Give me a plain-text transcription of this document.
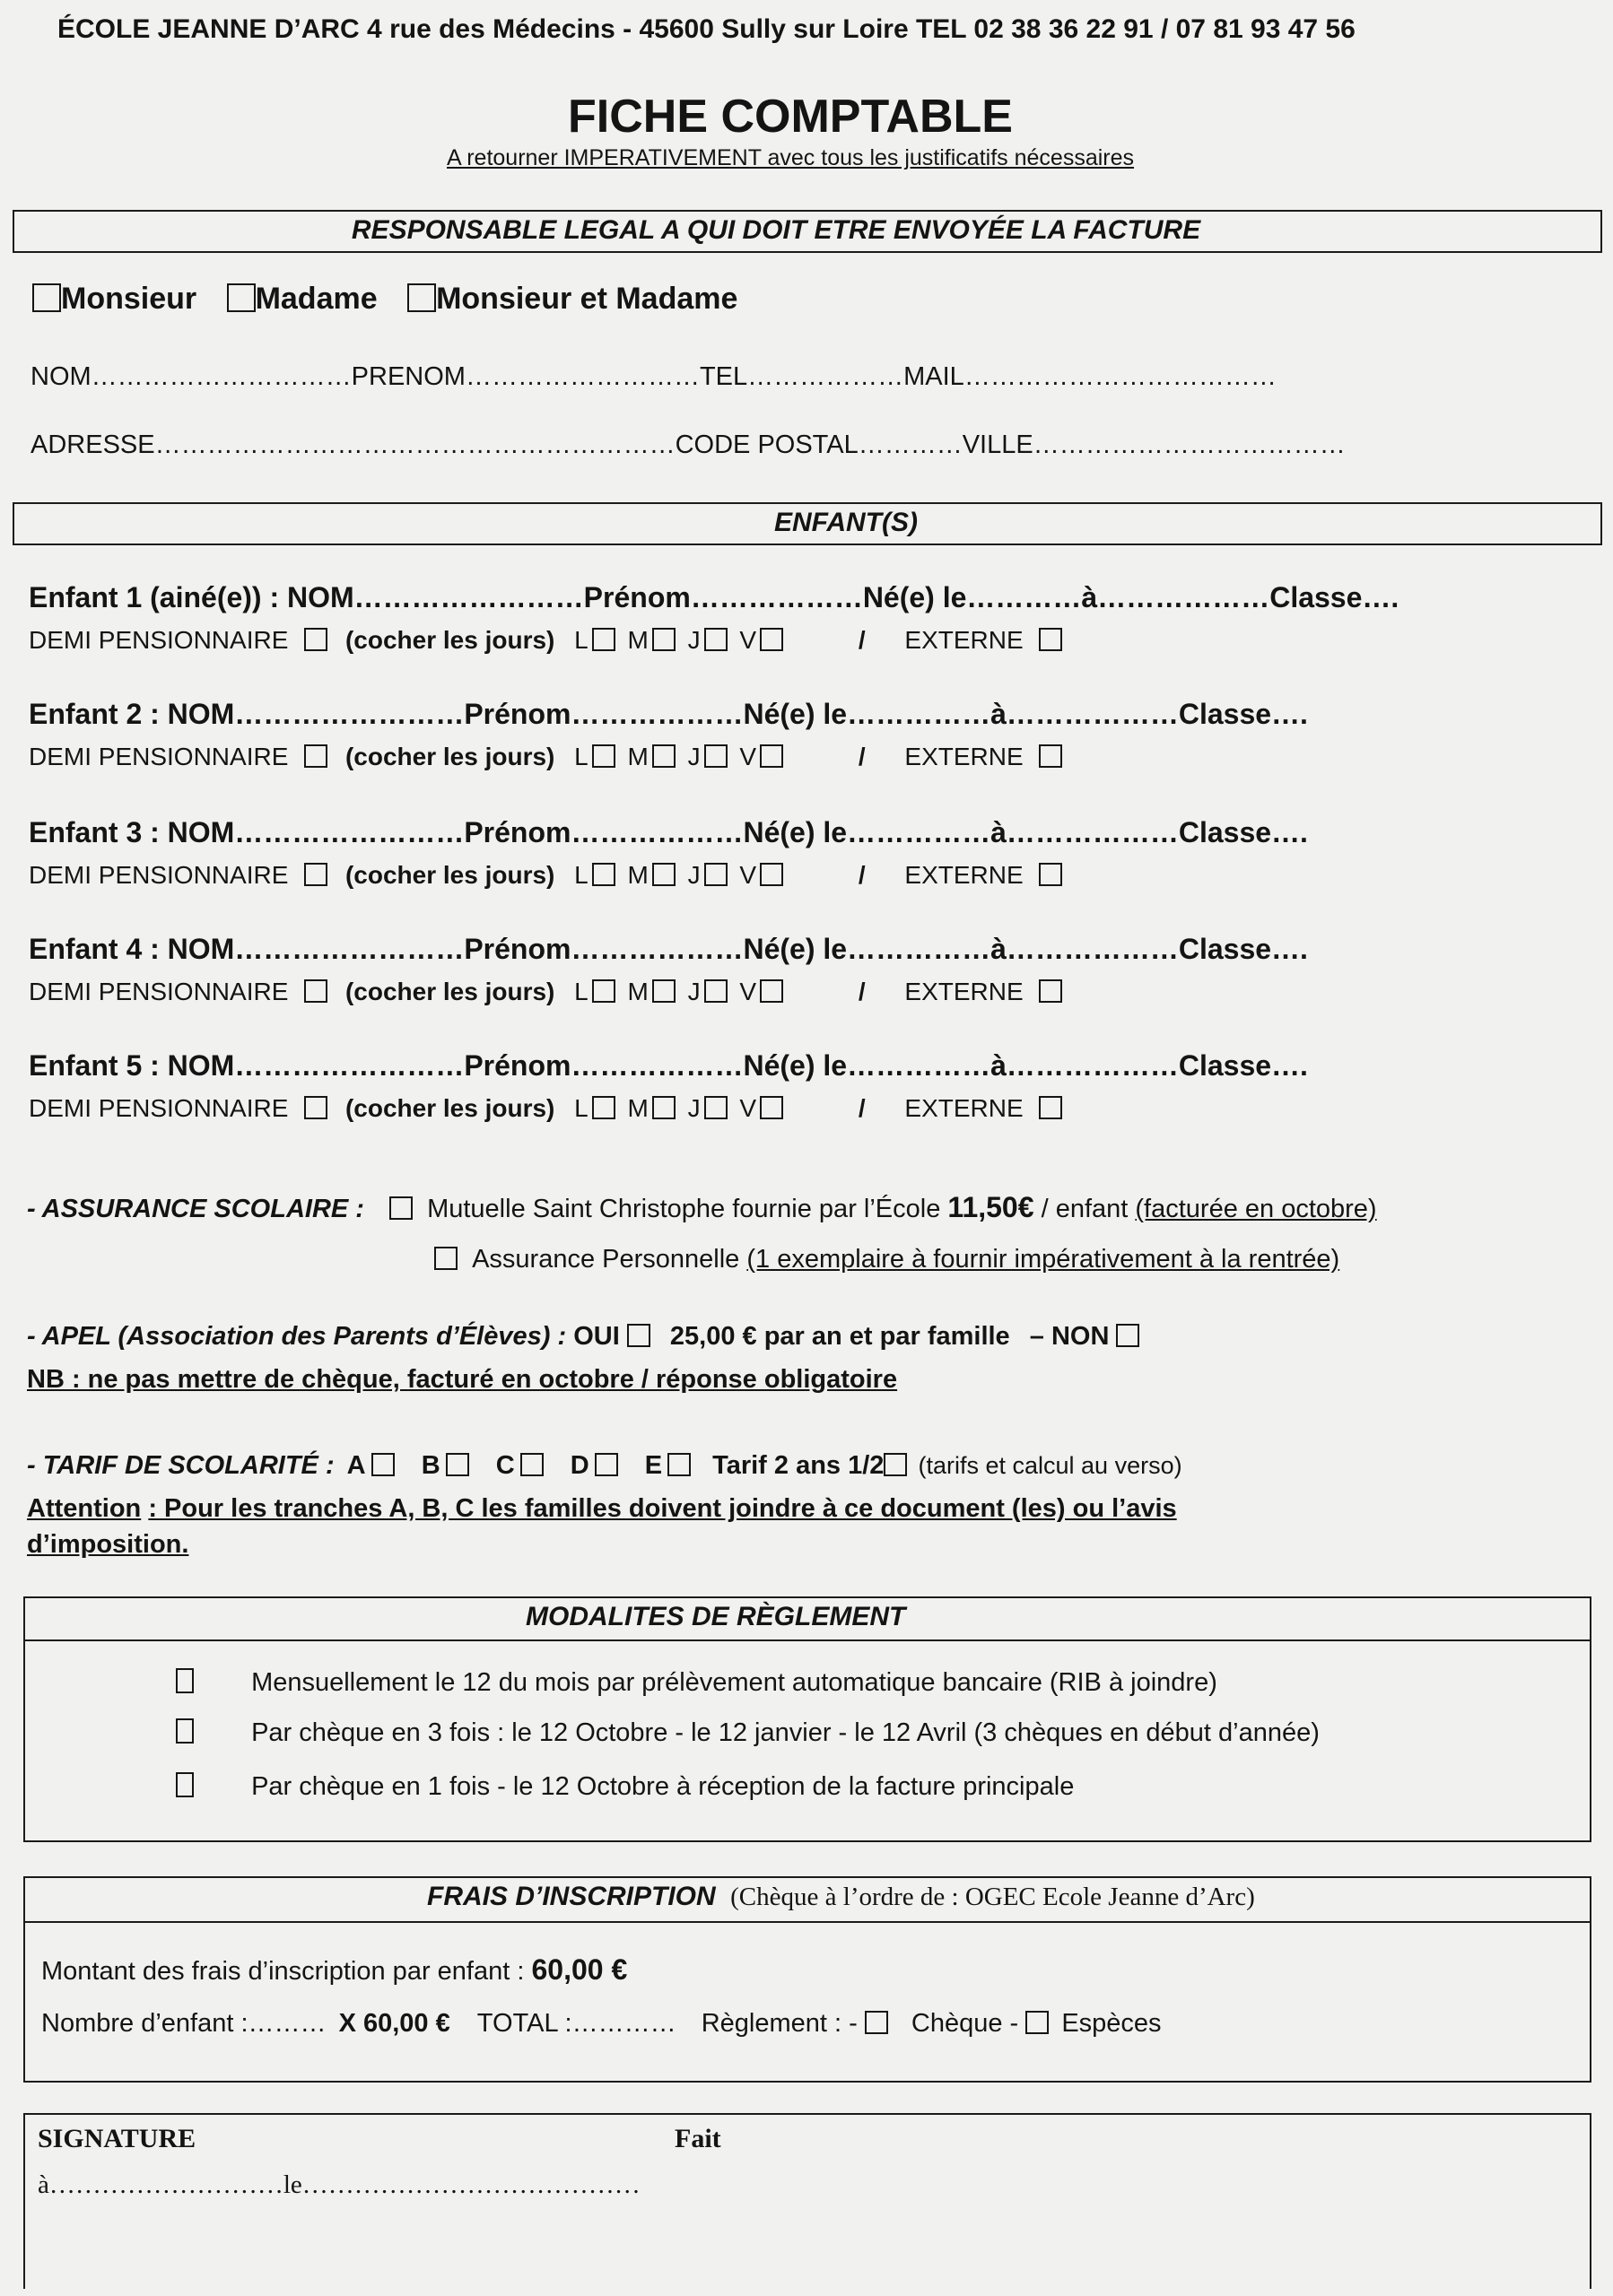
ÉCOLE JEANNE D’ARC 4 rue des Médecins - 45600 Sully sur Loire TEL 02 38 36 22 91 / 07 81 93 47 56
FICHE COMPTABLE
A retourner IMPERATIVEMENT avec tous les justificatifs nécessaires
RESPONSABLE LEGAL A QUI DOIT ETRE ENVOYÉE LA FACTURE
Monsieur Madame Monsieur et Madame
NOM…………………………PRENOM………………………TEL………………MAIL………………………………
ADRESSE……………………………………………………CODE POSTAL…………VILLE………………………………
ENFANT(S)
Enfant 1 (ainé(e)) : NOM……………………Prénom………………Né(e) le…………à………………Classe….
DEMI PENSIONNAIRE (cocher les jours) L M J V	/ EXTERNE
Enfant 2 : NOM……………………Prénom………………Né(e) le……………à………………Classe….
DEMI PENSIONNAIRE (cocher les jours) L M J V	/ EXTERNE
Enfant 3 : NOM……………………Prénom………………Né(e) le……………à………………Classe….
DEMI PENSIONNAIRE (cocher les jours) L M J V	/ EXTERNE
Enfant 4 : NOM……………………Prénom………………Né(e) le……………à………………Classe….
DEMI PENSIONNAIRE (cocher les jours) L M J V	/ EXTERNE
Enfant 5 : NOM……………………Prénom………………Né(e) le……………à………………Classe….
DEMI PENSIONNAIRE (cocher les jours) L M J V	/ EXTERNE
- ASSURANCE SCOLAIRE : Mutuelle Saint Christophe fournie par l’École 11,50€ / enfant (facturée en octobre)
Assurance Personnelle (1 exemplaire à fournir impérativement à la rentrée)
- APEL (Association des Parents d’Élèves) : OUI 25,00 € par an et par famille – NON
NB : ne pas mettre de chèque, facturé en octobre / réponse obligatoire
- TARIF DE SCOLARITÉ : A B C D E Tarif 2 ans 1/2 (tarifs et calcul au verso)
Attention : Pour les tranches A, B, C les familles doivent joindre à ce document (les) ou l’avis
d’imposition.
MODALITES DE RÈGLEMENT
Mensuellement le 12 du mois par prélèvement automatique bancaire (RIB à joindre)
Par chèque en 3 fois : le 12 Octobre - le 12 janvier - le 12 Avril (3 chèques en début d’année)
Par chèque en 1 fois - le 12 Octobre à réception de la facture principale
FRAIS D’INSCRIPTION (Chèque à l’ordre de : OGEC Ecole Jeanne d’Arc)
Montant des frais d’inscription par enfant : 60,00 €
Nombre d’enfant :……… X 60,00 € TOTAL :………… Règlement : - Chèque - Espèces
SIGNATURE	Fait
à………………………le…………………………………
